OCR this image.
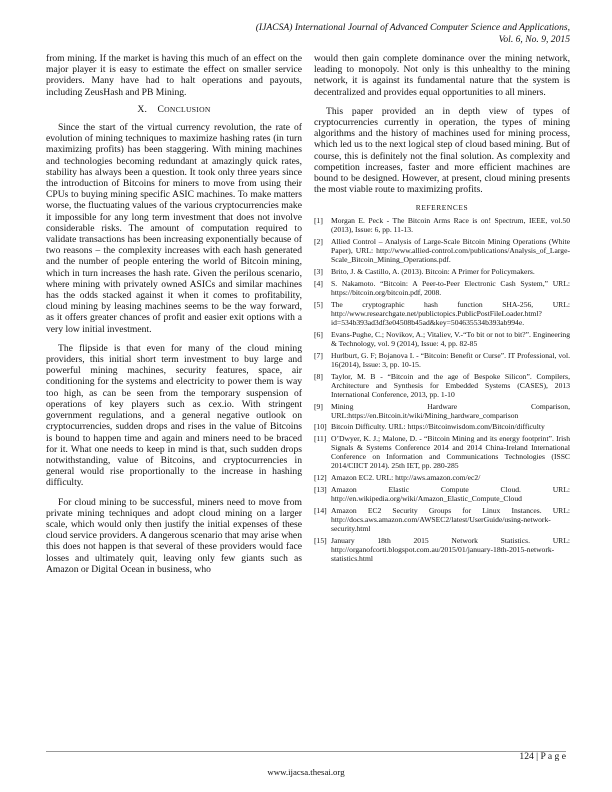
(IJACSA) International Journal of Advanced Computer Science and Applications,
Vol. 6, No. 9, 2015

from mining. If the market is having this much of an effect on the major player it is easy to estimate the effect on smaller service providers. Many have had to halt operations and payouts, including ZeusHash and PB Mining.

X. CONCLUSION

Since the start of the virtual currency revolution, the rate of evolution of mining techniques to maximize hashing rates (in turn maximizing profits) has been staggering. With mining machines and technologies becoming redundant at amazingly quick rates, stability has always been a question. It took only three years since the introduction of Bitcoins for miners to move from using their CPUs to buying mining specific ASIC machines. To make matters worse, the fluctuating values of the various cryptocurrencies make it impossible for any long term investment that does not involve considerable risks. The amount of computation required to validate transactions has been increasing exponentially because of two reasons – the complexity increases with each hash generated and the number of people entering the world of Bitcoin mining, which in turn increases the hash rate. Given the perilous scenario, where mining with privately owned ASICs and similar machines has the odds stacked against it when it comes to profitability, cloud mining by leasing machines seems to be the way forward, as it offers greater chances of profit and easier exit options with a very low initial investment.

The flipside is that even for many of the cloud mining providers, this initial short term investment to buy large and powerful mining machines, security features, space, air conditioning for the systems and electricity to power them is way too high, as can be seen from the temporary suspension of operations of key players such as cex.io. With stringent government regulations, and a general negative outlook on cryptocurrencies, sudden drops and rises in the value of Bitcoins is bound to happen time and again and miners need to be braced for it. What one needs to keep in mind is that, such sudden drops notwithstanding, value of Bitcoins, and cryptocurrencies in general would rise proportionally to the increase in hashing difficulty.

For cloud mining to be successful, miners need to move from private mining techniques and adopt cloud mining on a larger scale, which would only then justify the initial expenses of these cloud service providers. A dangerous scenario that may arise when this does not happen is that several of these providers would face losses and ultimately quit, leaving only few giants such as Amazon or Digital Ocean in business, who

would then gain complete dominance over the mining network, leading to monopoly. Not only is this unhealthy to the mining network, it is against its fundamental nature that the system is decentralized and provides equal opportunities to all miners.

This paper provided an in depth view of types of cryptocurrencies currently in operation, the types of mining algorithms and the history of machines used for mining process, which led us to the next logical step of cloud based mining. But of course, this is definitely not the final solution. As complexity and competition increases, faster and more efficient machines are bound to be designed. However, at present, cloud mining presents the most viable route to maximizing profits.

REFERENCES
[1]	Morgan E. Peck - The Bitcoin Arms Race is on! Spectrum, IEEE, vol.50 (2013), Issue: 6, pp. 11-13.
[2]	Allied Control – Analysis of Large-Scale Bitcoin Mining Operations (White Paper), URL: http://www.allied-control.com/publications/Analysis_of_Large-Scale_Bitcoin_Mining_Operations.pdf.
[3]	Brito, J. & Castillo, A. (2013). Bitcoin: A Primer for Policymakers.
[4]	S. Nakamoto. “Bitcoin: A Peer-to-Peer Electronic Cash System,” URL: https://bitcoin.org/bitcoin.pdf, 2008.
[5]	The cryptographic hash function SHA-256, URL: http://www.researchgate.net/publictopics.PublicPostFileLoader.html?id=534b393ad3df3e04508b45ad&key=504635534b393ab994e.
[6]	Evans-Pughe, C.; Novikov, A.; Vitaliev, V.-“To bit or not to bit?”. Engineering & Technology, vol. 9 (2014), Issue: 4, pp. 82-85
[7]	Hurlburt, G. F; Bojanova I. - “Bitcoin: Benefit or Curse”. IT Professional, vol. 16(2014), Issue: 3, pp. 10-15.
[8]	Taylor, M. B - “Bitcoin and the age of Bespoke Silicon”. Compilers, Architecture and Synthesis for Embedded Systems (CASES), 2013 International Conference, 2013, pp. 1-10
[9]	Mining Hardware Comparison, URL:https://en.Bitcoin.it/wiki/Mining_hardware_comparison
[10] Bitcoin Difficulty. URL: https://Bitcoinwisdom.com/Bitcoin/difficulty
[11] O’Dwyer, K. J.; Malone, D. - “Bitcoin Mining and its energy footprint”. Irish Signals & Systems Conference 2014 and 2014 China-Ireland International Conference on Information and Communications Technologies (ISSC 2014/CIICT 2014). 25th IET, pp. 280-285
[12] Amazon EC2. URL: http://aws.amazon.com/ec2/
[13] Amazon Elastic Compute Cloud. URL: http://en.wikipedia.org/wiki/Amazon_Elastic_Compute_Cloud
[14] Amazon EC2 Security Groups for Linux Instances. URL: http://docs.aws.amazon.com/AWSEC2/latest/UserGuide/using-network-security.html
[15] January 18th 2015 Network Statistics. URL: http://organofcorti.blogspot.com.au/2015/01/january-18th-2015-network-statistics.html
124 | P a g e
www.ijacsa.thesai.org
